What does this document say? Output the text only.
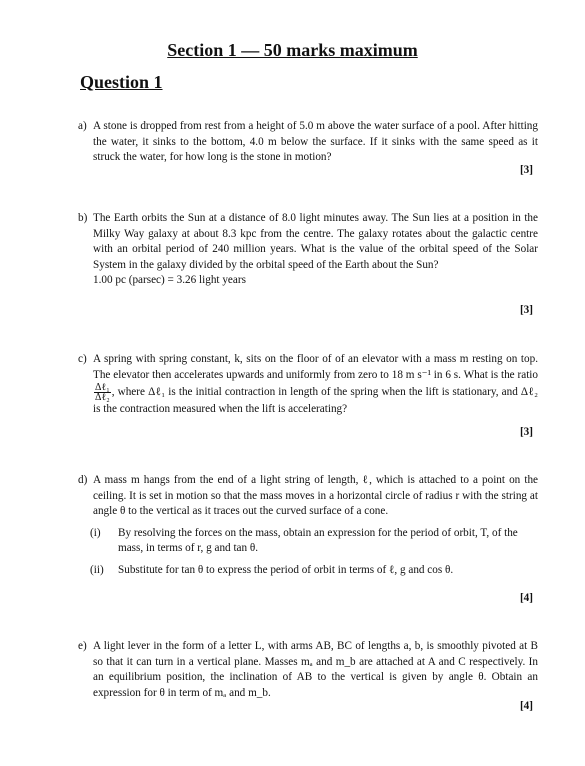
Section 1 — 50 marks maximum
Question 1
a) A stone is dropped from rest from a height of 5.0 m above the water surface of a pool. After hitting the water, it sinks to the bottom, 4.0 m below the surface. If it sinks with the same speed as it struck the water, for how long is the stone in motion?
[3]
b) The Earth orbits the Sun at a distance of 8.0 light minutes away. The Sun lies at a position in the Milky Way galaxy at about 8.3 kpc from the centre. The galaxy rotates about the galactic centre with an orbital period of 240 million years. What is the value of the orbital speed of the Solar System in the galaxy divided by the orbital speed of the Earth about the Sun?
1.00 pc (parsec) = 3.26 light years
[3]
c) A spring with spring constant, k, sits on the floor of of an elevator with a mass m resting on top. The elevator then accelerates upwards and uniformly from zero to 18 m s⁻¹ in 6 s. What is the ratio
$\frac{\text{Δℓ₁}}{\text{Δℓ₂}}$ , where Δℓ₁ is the initial contraction in length of the spring when the lift is stationary, and Δℓ₂ is the contraction measured when the lift is accelerating?
[3]
d) A mass m hangs from the end of a light string of length, ℓ, which is attached to a point on the ceiling. It is set in motion so that the mass moves in a horizontal circle of radius r with the string at angle θ to the vertical as it traces out the curved surface of a cone.
(i) By resolving the forces on the mass, obtain an expression for the period of orbit, T, of the mass, in terms of r, g and tan θ.
(ii) Substitute for tan θ to express the period of orbit in terms of ℓ, g and cos θ.
[4]
e) A light lever in the form of a letter L, with arms AB, BC of lengths a, b, is smoothly pivoted at B so that it can turn in a vertical plane. Masses mₐ and m_b are attached at A and C respectively. In an equilibrium position, the inclination of AB to the vertical is given by angle θ. Obtain an expression for θ in term of mₐ and m_b.
[4]
